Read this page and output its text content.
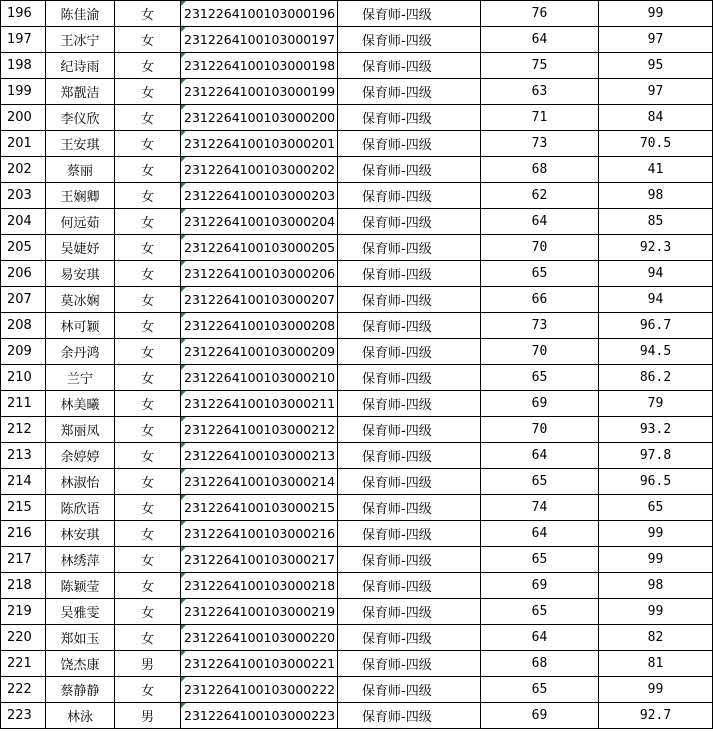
196	陈佳渝	女	2312264100103000196	保育师-四级	76	99
197	王冰宁	女	2312264100103000197	保育师-四级	64	97
198	纪诗雨	女	2312264100103000198	保育师-四级	75	95
199	郑靓洁	女	2312264100103000199	保育师-四级	63	97
200	李仪欣	女	2312264100103000200	保育师-四级	71	84
201	王安琪	女	2312264100103000201	保育师-四级	73	70.5
202	蔡丽	女	2312264100103000202	保育师-四级	68	41
203	王娴卿	女	2312264100103000203	保育师-四级	62	98
204	何远茹	女	2312264100103000204	保育师-四级	64	85
205	吴婕妤	女	2312264100103000205	保育师-四级	70	92.3
206	易安琪	女	2312264100103000206	保育师-四级	65	94
207	莫冰娴	女	2312264100103000207	保育师-四级	66	94
208	林可颖	女	2312264100103000208	保育师-四级	73	96.7
209	余丹鸿	女	2312264100103000209	保育师-四级	70	94.5
210	兰宁	女	2312264100103000210	保育师-四级	65	86.2
211	林美曦	女	2312264100103000211	保育师-四级	69	79
212	郑丽凤	女	2312264100103000212	保育师-四级	70	93.2
213	余婷婷	女	2312264100103000213	保育师-四级	64	97.8
214	林淑怡	女	2312264100103000214	保育师-四级	65	96.5
215	陈欣语	女	2312264100103000215	保育师-四级	74	65
216	林安琪	女	2312264100103000216	保育师-四级	64	99
217	林绣萍	女	2312264100103000217	保育师-四级	65	99
218	陈颖莹	女	2312264100103000218	保育师-四级	69	98
219	吴雅雯	女	2312264100103000219	保育师-四级	65	99
220	郑如玉	女	2312264100103000220	保育师-四级	64	82
221	饶杰康	男	2312264100103000221	保育师-四级	68	81
222	蔡静静	女	2312264100103000222	保育师-四级	65	99
223	林泳	男	2312264100103000223	保育师-四级	69	92.7
